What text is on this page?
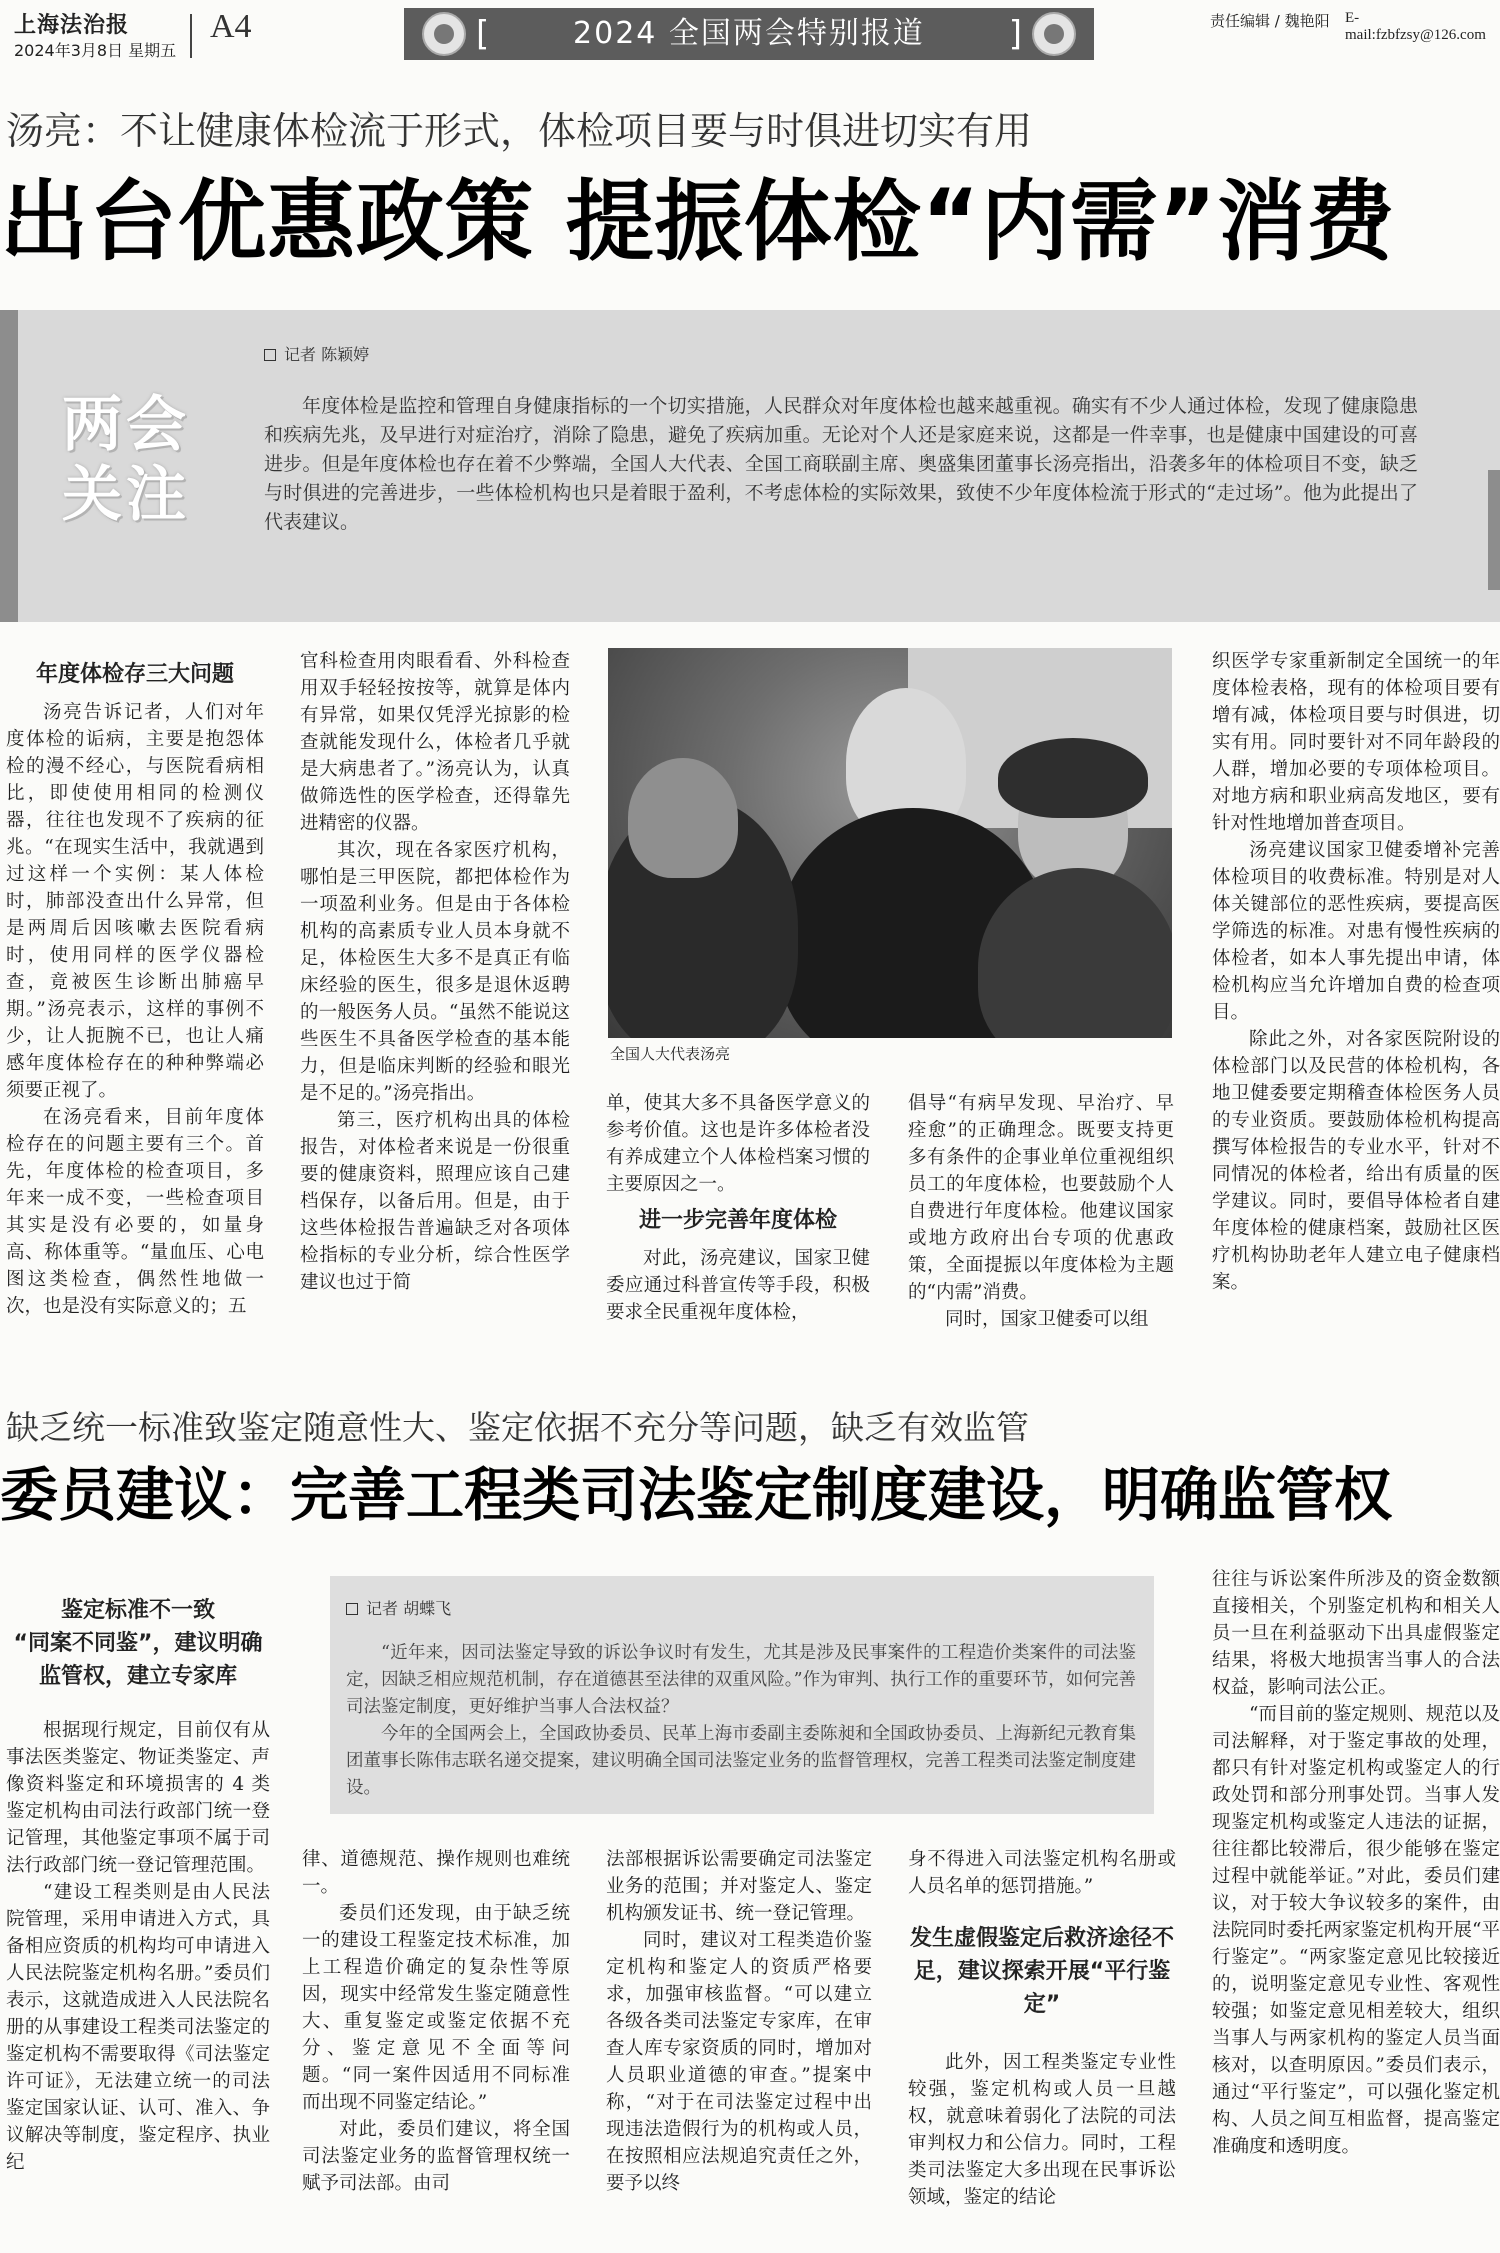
上海法治报
2024年3月8日 星期五
A4	[	2024 全国两会特别报道	]	责任编辑 / 魏艳阳 E-mail:fzbfzsy@126.com
汤亮：不让健康体检流于形式，体检项目要与时俱进切实有用
出台优惠政策 提振体检“内需”消费
两会关注
记者 陈颖婷

年度体检是监控和管理自身健康指标的一个切实措施，人民群众对年度体检也越来越重视。确实有不少人通过体检，发现了健康隐患和疾病先兆，及早进行对症治疗，消除了隐患，避免了疾病加重。无论对个人还是家庭来说，这都是一件幸事，也是健康中国建设的可喜进步。但是年度体检也存在着不少弊端，全国人大代表、全国工商联副主席、奥盛集团董事长汤亮指出，沿袭多年的体检项目不变，缺乏与时俱进的完善进步，一些体检机构也只是着眼于盈利，不考虑体检的实际效果，致使不少年度体检流于形式的“走过场”。他为此提出了代表建议。

年度体检存三大问题

汤亮告诉记者，人们对年度体检的诟病，主要是抱怨体检的漫不经心，与医院看病相比，即使使用相同的检测仪器，往往也发现不了疾病的征兆。“在现实生活中，我就遇到过这样一个实例：某人体检时，肺部没查出什么异常，但是两周后因咳嗽去医院看病时，使用同样的医学仪器检查，竟被医生诊断出肺癌早期。”汤亮表示，这样的事例不少，让人扼腕不已，也让人痛感年度体检存在的种种弊端必须要正视了。

在汤亮看来，目前年度体检存在的问题主要有三个。首先，年度体检的检查项目，多年来一成不变，一些检查项目其实是没有必要的，如量身高、称体重等。“量血压、心电图这类检查，偶然性地做一次，也是没有实际意义的；五

官科检查用肉眼看看、外科检查用双手轻轻按按等，就算是体内有异常，如果仅凭浮光掠影的检查就能发现什么，体检者几乎就是大病患者了。”汤亮认为，认真做筛选性的医学检查，还得靠先进精密的仪器。

其次，现在各家医疗机构，哪怕是三甲医院，都把体检作为一项盈利业务。但是由于各体检机构的高素质专业人员本身就不足，体检医生大多不是真正有临床经验的医生，很多是退休返聘的一般医务人员。“虽然不能说这些医生不具备医学检查的基本能力，但是临床判断的经验和眼光是不足的。”汤亮指出。

第三，医疗机构出具的体检报告，对体检者来说是一份很重要的健康资料，照理应该自己建档保存，以备后用。但是，由于这些体检报告普遍缺乏对各项体检指标的专业分析，综合性医学建议也过于简

全国人大代表汤亮

单，使其大多不具备医学意义的参考价值。这也是许多体检者没有养成建立个人体检档案习惯的主要原因之一。

进一步完善年度体检

对此，汤亮建议，国家卫健委应通过科普宣传等手段，积极要求全民重视年度体检，

倡导“有病早发现、早治疗、早痊愈”的正确理念。既要支持更多有条件的企事业单位重视组织员工的年度体检，也要鼓励个人自费进行年度体检。他建议国家或地方政府出台专项的优惠政策，全面提振以年度体检为主题的“内需”消费。

同时，国家卫健委可以组

织医学专家重新制定全国统一的年度体检表格，现有的体检项目要有增有减，体检项目要与时俱进，切实有用。同时要针对不同年龄段的人群，增加必要的专项体检项目。对地方病和职业病高发地区，要有针对性地增加普查项目。

汤亮建议国家卫健委增补完善体检项目的收费标准。特别是对人体关键部位的恶性疾病，要提高医学筛选的标准。对患有慢性疾病的体检者，如本人事先提出申请，体检机构应当允许增加自费的检查项目。

除此之外，对各家医院附设的体检部门以及民营的体检机构，各地卫健委要定期稽查体检医务人员的专业资质。要鼓励体检机构提高撰写体检报告的专业水平，针对不同情况的体检者，给出有质量的医学建议。同时，要倡导体检者自建年度体检的健康档案，鼓励社区医疗机构协助老年人建立电子健康档案。

缺乏统一标准致鉴定随意性大、鉴定依据不充分等问题，缺乏有效监管
委员建议：完善工程类司法鉴定制度建设，明确监管权
记者 胡蝶飞

“近年来，因司法鉴定导致的诉讼争议时有发生，尤其是涉及民事案件的工程造价类案件的司法鉴定，因缺乏相应规范机制，存在道德甚至法律的双重风险。”作为审判、执行工作的重要环节，如何完善司法鉴定制度，更好维护当事人合法权益？

今年的全国两会上，全国政协委员、民革上海市委副主委陈昶和全国政协委员、上海新纪元教育集团董事长陈伟志联名递交提案，建议明确全国司法鉴定业务的监督管理权，完善工程类司法鉴定制度建设。

鉴定标准不一致
“同案不同鉴”，建议明确监管权，建立专家库

根据现行规定，目前仅有从事法医类鉴定、物证类鉴定、声像资料鉴定和环境损害的 4 类鉴定机构由司法行政部门统一登记管理，其他鉴定事项不属于司法行政部门统一登记管理范围。

“建设工程类则是由人民法院管理，采用申请进入方式，具备相应资质的机构均可申请进入人民法院鉴定机构名册。”委员们表示，这就造成进入人民法院名册的从事建设工程类司法鉴定的鉴定机构不需要取得《司法鉴定许可证》，无法建立统一的司法鉴定国家认证、认可、准入、争议解决等制度，鉴定程序、执业纪

律、道德规范、操作规则也难统一。

委员们还发现，由于缺乏统一的建设工程鉴定技术标准，加上工程造价确定的复杂性等原因，现实中经常发生鉴定随意性大、重复鉴定或鉴定依据不充分、鉴定意见不全面等问题。“同一案件因适用不同标准而出现不同鉴定结论。”

对此，委员们建议，将全国司法鉴定业务的监督管理权统一赋予司法部。由司

法部根据诉讼需要确定司法鉴定业务的范围；并对鉴定人、鉴定机构颁发证书、统一登记管理。

同时，建议对工程类造价鉴定机构和鉴定人的资质严格要求，加强审核监督。“可以建立各级各类司法鉴定专家库，在审查人库专家资质的同时，增加对人员职业道德的审查。”提案中称，“对于在司法鉴定过程中出现违法造假行为的机构或人员，在按照相应法规追究责任之外，要予以终

身不得进入司法鉴定机构名册或人员名单的惩罚措施。”

发生虚假鉴定后救济途径不足，建议探索开展“平行鉴定”

此外，因工程类鉴定专业性较强，鉴定机构或人员一旦越权，就意味着弱化了法院的司法审判权力和公信力。同时，工程类司法鉴定大多出现在民事诉讼领域，鉴定的结论

往往与诉讼案件所涉及的资金数额直接相关，个别鉴定机构和相关人员一旦在利益驱动下出具虚假鉴定结果，将极大地损害当事人的合法权益，影响司法公正。

“而目前的鉴定规则、规范以及司法解释，对于鉴定事故的处理，都只有针对鉴定机构或鉴定人的行政处罚和部分刑事处罚。当事人发现鉴定机构或鉴定人违法的证据，往往都比较滞后，很少能够在鉴定过程中就能举证。”对此，委员们建议，对于较大争议较多的案件，由法院同时委托两家鉴定机构开展“平行鉴定”。“两家鉴定意见比较接近的，说明鉴定意见专业性、客观性较强；如鉴定意见相差较大，组织当事人与两家机构的鉴定人员当面核对，以查明原因。”委员们表示，通过“平行鉴定”，可以强化鉴定机构、人员之间互相监督，提高鉴定准确度和透明度。
